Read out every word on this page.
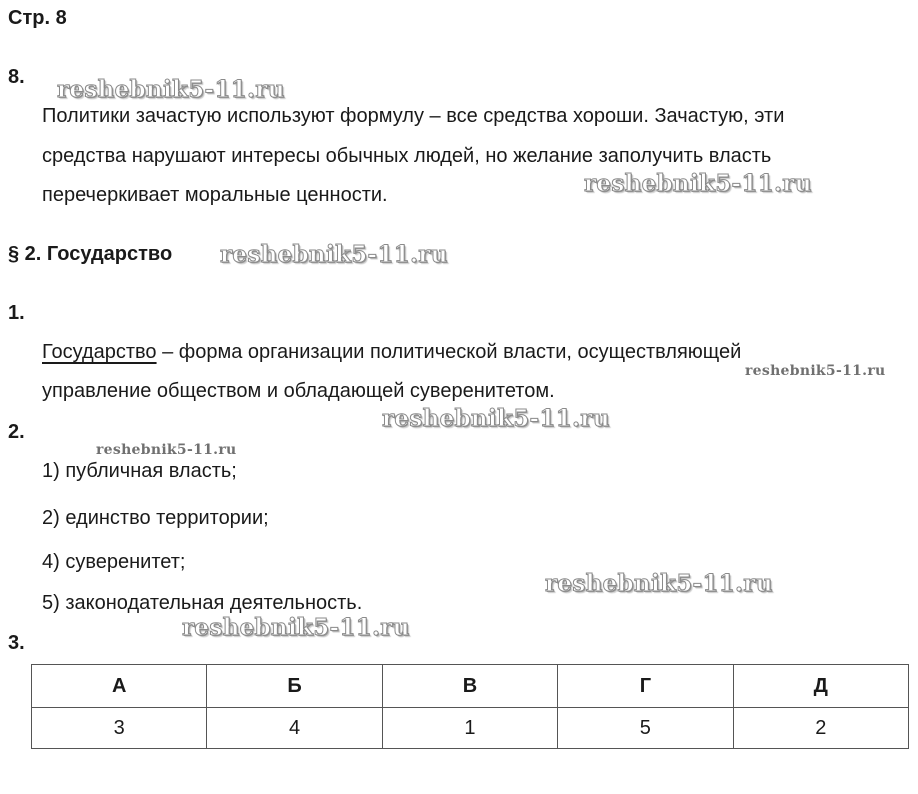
Стр. 8
8.
Политики зачастую используют формулу – все средства хороши. Зачастую, эти
средства нарушают интересы обычных людей, но желание заполучить власть
перечеркивает моральные ценности.
§ 2. Государство
1.
Государство – форма организации политической власти, осуществляющей
управление обществом и обладающей суверенитетом.
2.
1) публичная власть;
2) единство территории;
4) суверенитет;
5) законодательная деятельность.
3.
А	Б	В	Г	Д
3	4	1	5	2
reshebnik5-11.ru
reshebnik5-11.ru
reshebnik5-11.ru
reshebnik5-11.ru
reshebnik5-11.ru
reshebnik5-11.ru
reshebnik5-11.ru
reshebnik5-11.ru
